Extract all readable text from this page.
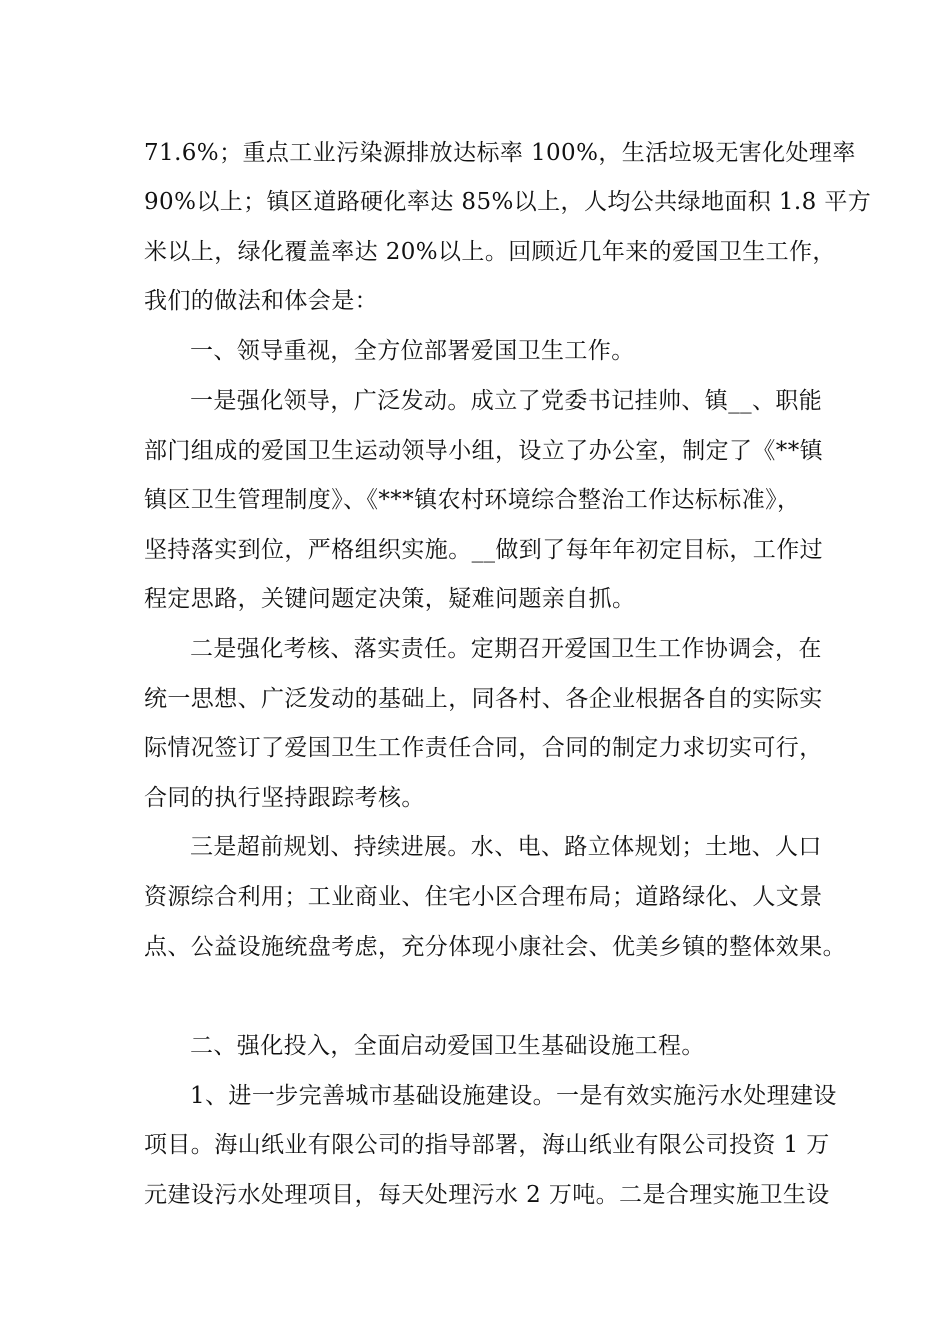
71.6%；重点工业污染源排放达标率 100%，生活垃圾无害化处理率
90%以上；镇区道路硬化率达 85%以上，人均公共绿地面积 1.8 平方
米以上，绿化覆盖率达 20%以上。回顾近几年来的爱国卫生工作，
我们的做法和体会是：
一、领导重视，全方位部署爱国卫生工作。
一是强化领导，广泛发动。成立了党委书记挂帅、镇__、职能
部门组成的爱国卫生运动领导小组，设立了办公室，制定了《**镇
镇区卫生管理制度》、《***镇农村环境综合整治工作达标标准》，
坚持落实到位，严格组织实施。__做到了每年年初定目标，工作过
程定思路，关键问题定决策，疑难问题亲自抓。
二是强化考核、落实责任。定期召开爱国卫生工作协调会，在
统一思想、广泛发动的基础上，同各村、各企业根据各自的实际实
际情况签订了爱国卫生工作责任合同，合同的制定力求切实可行，
合同的执行坚持跟踪考核。
三是超前规划、持续进展。水、电、路立体规划；土地、人口
资源综合利用；工业商业、住宅小区合理布局；道路绿化、人文景
点、公益设施统盘考虑，充分体现小康社会、优美乡镇的整体效果。
二、强化投入，全面启动爱国卫生基础设施工程。
1、进一步完善城市基础设施建设。一是有效实施污水处理建设
项目。海山纸业有限公司的指导部署，海山纸业有限公司投资 1 万
元建设污水处理项目，每天处理污水 2 万吨。二是合理实施卫生设
